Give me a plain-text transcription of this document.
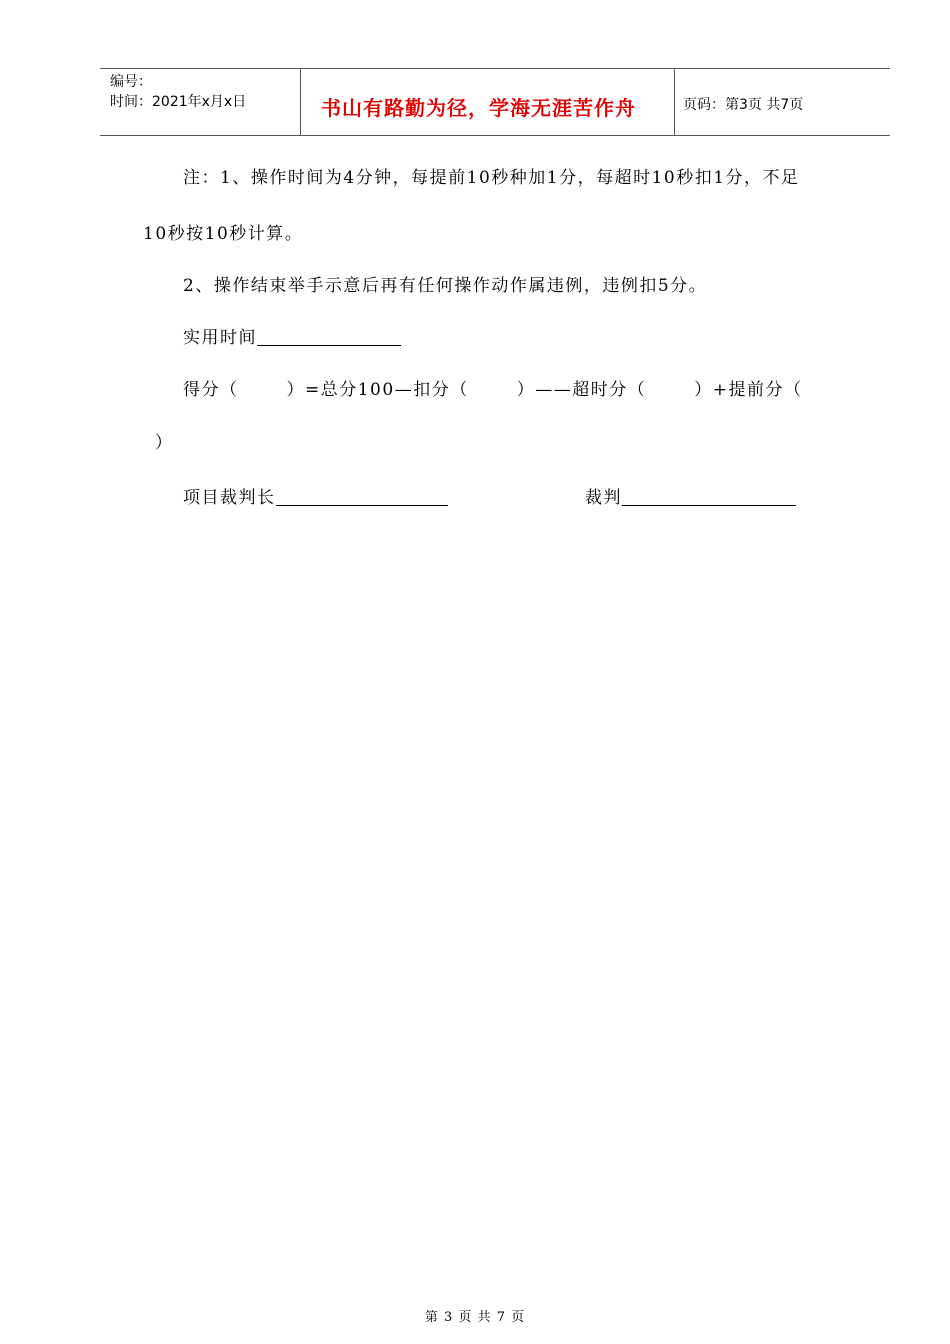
编号：
时间：2021年x月x日	书山有路勤为径，学海无涯苦作舟	页码：第3页 共7页
注：1、操作时间为4分钟，每提前10秒种加1分，每超时10秒扣1分，不足
10秒按10秒计算。
2、操作结束举手示意后再有任何操作动作属违例，违例扣5分。
实用时间
得分（	）=总分100—扣分（	）——超时分（	）+提前分（
）
项目裁判长	裁判
第 3 页 共 7 页
